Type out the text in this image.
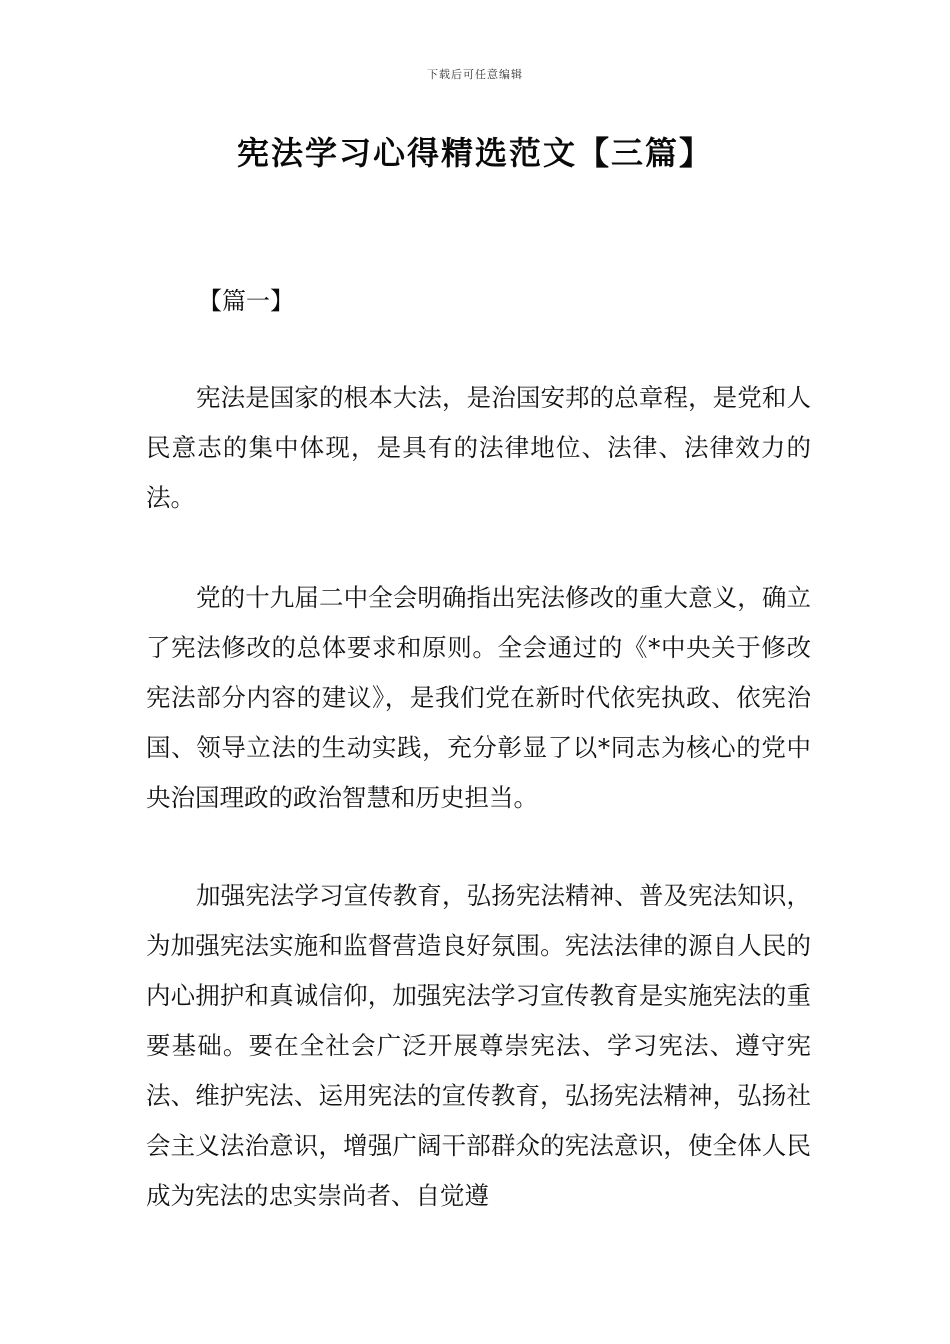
下载后可任意编辑
宪法学习心得精选范文【三篇】
【篇一】

宪法是国家的根本大法，是治国安邦的总章程，是党和人民意志的集中体现，是具有的法律地位、法律、法律效力的法。

党的十九届二中全会明确指出宪法修改的重大意义，确立了宪法修改的总体要求和原则。全会通过的《*中央关于修改宪法部分内容的建议》，是我们党在新时代依宪执政、依宪治国、领导立法的生动实践，充分彰显了以*同志为核心的党中央治国理政的政治智慧和历史担当。

加强宪法学习宣传教育，弘扬宪法精神、普及宪法知识，为加强宪法实施和监督营造良好氛围。宪法法律的源自人民的内心拥护和真诚信仰，加强宪法学习宣传教育是实施宪法的重要基础。要在全社会广泛开展尊崇宪法、学习宪法、遵守宪法、维护宪法、运用宪法的宣传教育，弘扬宪法精神，弘扬社会主义法治意识，增强广阔干部群众的宪法意识，使全体人民成为宪法的忠实崇尚者、自觉遵
